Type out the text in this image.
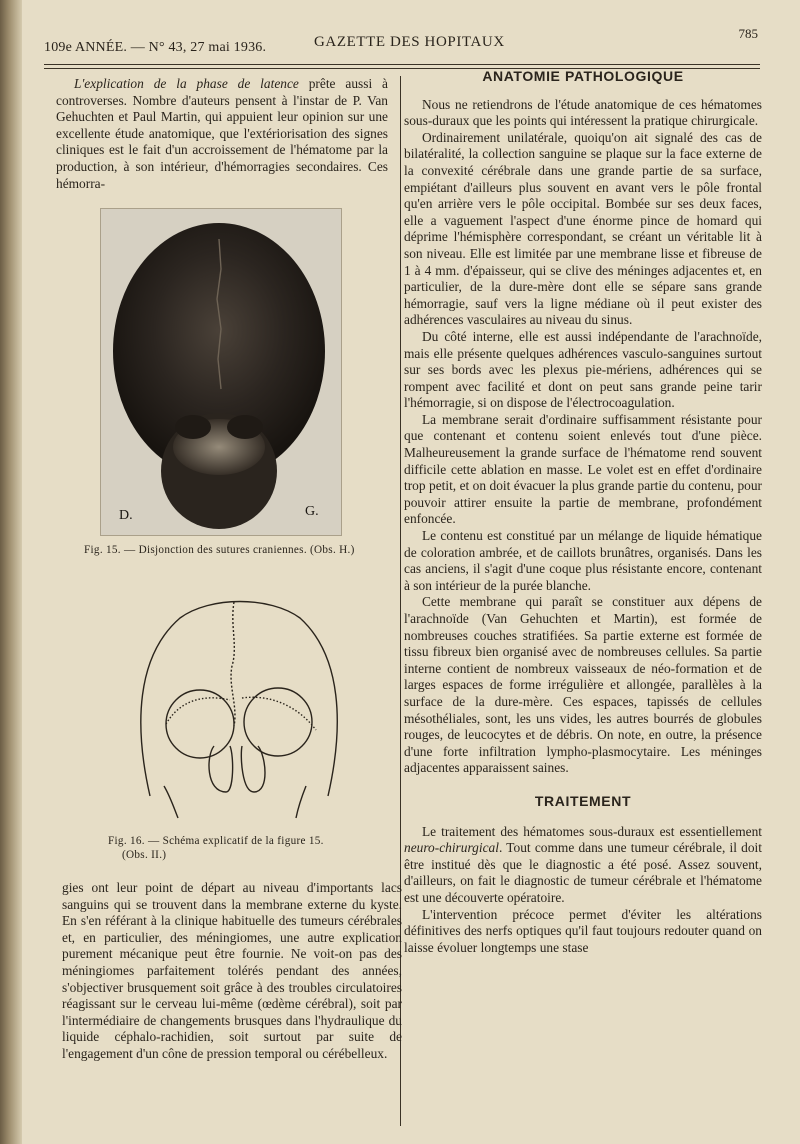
109e ANNÉE. — N° 43, 27 mai 1936.	GAZETTE DES HOPITAUX
785

L'explication de la phase de latence prête aussi à controverses. Nombre d'auteurs pensent à l'instar de P. Van Gehuchten et Paul Martin, qui appuient leur opinion sur une excellente étude anatomique, que l'extériorisation des signes cliniques est le fait d'un accroissement de l'hématome par la production, à son intérieur, d'hémorragies secondaires. Ces hémorra-

D.	G.
Fig. 15. — Disjonction des sutures craniennes. (Obs. H.)
Fig. 16. — Schéma explicatif de la figure 15.
(Obs. II.)

gies ont leur point de départ au niveau d'importants lacs sanguins qui se trouvent dans la membrane externe du kyste. En s'en référant à la clinique habituelle des tumeurs cérébrales et, en particulier, des méningiomes, une autre explication purement mécanique peut être fournie. Ne voit-on pas des méningiomes parfaitement tolérés pendant des années, s'objectiver brusquement soit grâce à des troubles circulatoires réagissant sur le cerveau lui-même (œdème cérébral), soit par l'intermédiaire de changements brusques dans l'hydraulique du liquide céphalo-rachidien, soit surtout par suite de l'engagement d'un cône de pression temporal ou cérébelleux.

ANATOMIE PATHOLOGIQUE

Nous ne retiendrons de l'étude anatomique de ces hématomes sous-duraux que les points qui intéressent la pratique chirurgicale.

Ordinairement unilatérale, quoiqu'on ait signalé des cas de bilatéralité, la collection sanguine se plaque sur la face externe de la convexité cérébrale dans une grande partie de sa surface, empiétant d'ailleurs plus souvent en avant vers le pôle frontal qu'en arrière vers le pôle occipital. Bombée sur ses deux faces, elle a vaguement l'aspect d'une énorme pince de homard qui déprime l'hémisphère correspondant, se créant un véritable lit à son niveau. Elle est limitée par une membrane lisse et fibreuse de 1 à 4 mm. d'épaisseur, qui se clive des méninges adjacentes et, en particulier, de la dure-mère dont elle se sépare sans grande hémorragie, sauf vers la ligne médiane où il peut exister des adhérences vasculaires au niveau du sinus.

Du côté interne, elle est aussi indépendante de l'arachnoïde, mais elle présente quelques adhérences vasculo-sanguines surtout sur ses bords avec les plexus pie-mériens, adhérences qui se rompent avec facilité et dont on peut sans grande peine tarir l'hémorragie, si on dispose de l'électrocoagulation.

La membrane serait d'ordinaire suffisamment résistante pour que contenant et contenu soient enlevés tout d'une pièce. Malheureusement la grande surface de l'hématome rend souvent difficile cette ablation en masse. Le volet est en effet d'ordinaire trop petit, et on doit évacuer la plus grande partie du contenu, pour pouvoir attirer ensuite la partie de membrane, profondément enfoncée.

Le contenu est constitué par un mélange de liquide hématique de coloration ambrée, et de caillots brunâtres, organisés. Dans les cas anciens, il s'agit d'une coque plus résistante encore, contenant à son intérieur de la purée blanche.

Cette membrane qui paraît se constituer aux dépens de l'arachnoïde (Van Gehuchten et Martin), est formée de nombreuses couches stratifiées. Sa partie externe est formée de tissu fibreux bien organisé avec de nombreuses cellules. Sa partie interne contient de nombreux vaisseaux de néo-formation et de larges espaces de forme irrégulière et allongée, parallèles à la surface de la dure-mère. Ces espaces, tapissés de cellules mésothéliales, sont, les uns vides, les autres bourrés de globules rouges, de leucocytes et de débris. On note, en outre, la présence d'une forte infiltration lympho-plasmocytaire. Les méninges adjacentes apparaissent saines.

TRAITEMENT

Le traitement des hématomes sous-duraux est essentiellement neuro-chirurgical. Tout comme dans une tumeur cérébrale, il doit être institué dès que le diagnostic a été posé. Assez souvent, d'ailleurs, on fait le diagnostic de tumeur cérébrale et l'hématome est une découverte opératoire.

L'intervention précoce permet d'éviter les altérations définitives des nerfs optiques qu'il faut toujours redouter quand on laisse évoluer longtemps une stase
